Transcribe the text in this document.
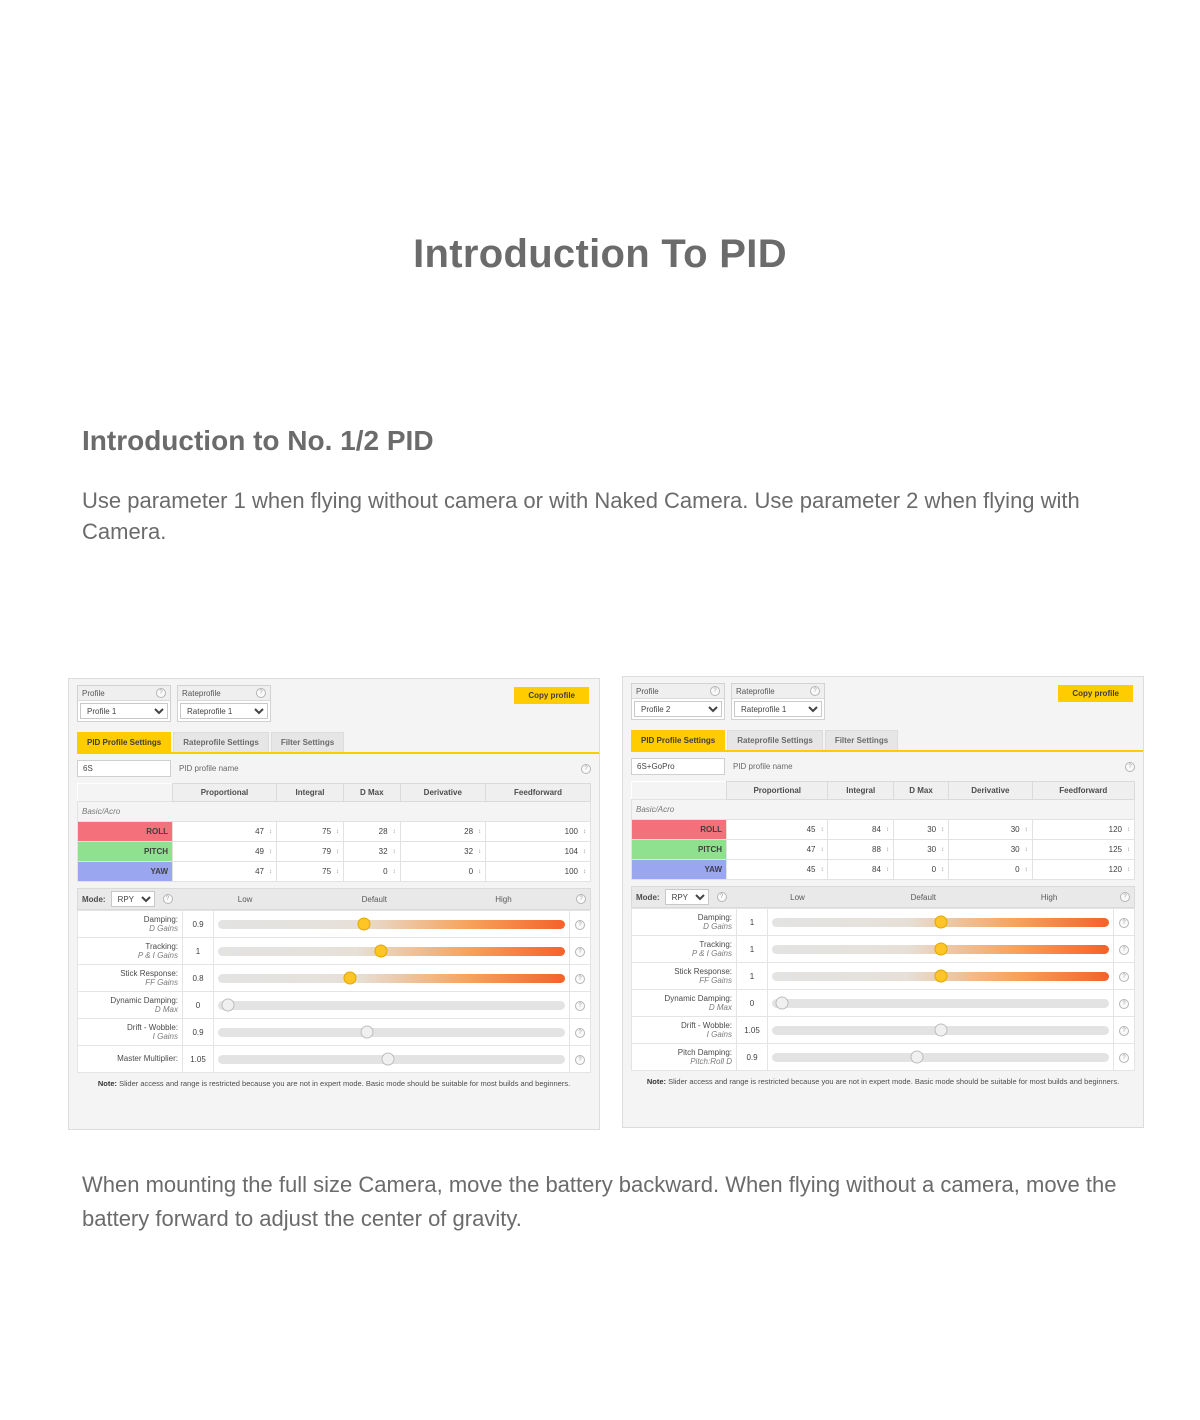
Introduction To PID
Introduction to No. 1/2 PID

Use parameter 1 when flying without camera or with Naked Camera. Use parameter 2 when flying with Camera.

Copy profile
Profile	?
Profile 1	Rateprofile	?
Rateprofile 1
PID Profile Settings	Rateprofile Settings	Filter Settings
6S
PID profile name	?
	Proportional	Integral	D Max	Derivative	Feedforward
Basic/Acro					
ROLL	47 ↕	75 ↕	28 ↕	28 ↕	100 ↕
PITCH	49 ↕	79 ↕	32 ↕	32 ↕	104 ↕
YAW	47 ↕	75 ↕	0 ↕	0 ↕	100 ↕
Mode:
RPY	?	Low	Default	High	?
Damping:
D Gains	0.9		?
Tracking:
P & I Gains	1		?
Stick Response:
FF Gains	0.8		?
Dynamic Damping:
D Max	0		?
Drift - Wobble:
I Gains	0.9		?
Master Multiplier:	1.05		?
Note: Slider access and range is restricted because you are not in expert mode. Basic mode should be suitable for most builds and beginners.
Copy profile
Profile	?
Profile 2	Rateprofile	?
Rateprofile 1
PID Profile Settings	Rateprofile Settings	Filter Settings
6S+GoPro
PID profile name	?
	Proportional	Integral	D Max	Derivative	Feedforward
Basic/Acro					
ROLL	45 ↕	84 ↕	30 ↕	30 ↕	120 ↕
PITCH	47 ↕	88 ↕	30 ↕	30 ↕	125 ↕
YAW	45 ↕	84 ↕	0 ↕	0 ↕	120 ↕
Mode:
RPY	?	Low	Default	High	?
Damping:
D Gains	1		?
Tracking:
P & I Gains	1		?
Stick Response:
FF Gains	1		?
Dynamic Damping:
D Max	0		?
Drift - Wobble:
I Gains	1.05		?
Pitch Damping:
Pitch:Roll D	0.9		?
Note: Slider access and range is restricted because you are not in expert mode. Basic mode should be suitable for most builds and beginners.

When mounting the full size Camera, move the battery backward. When flying without a camera, move the battery forward to adjust the center of gravity.
